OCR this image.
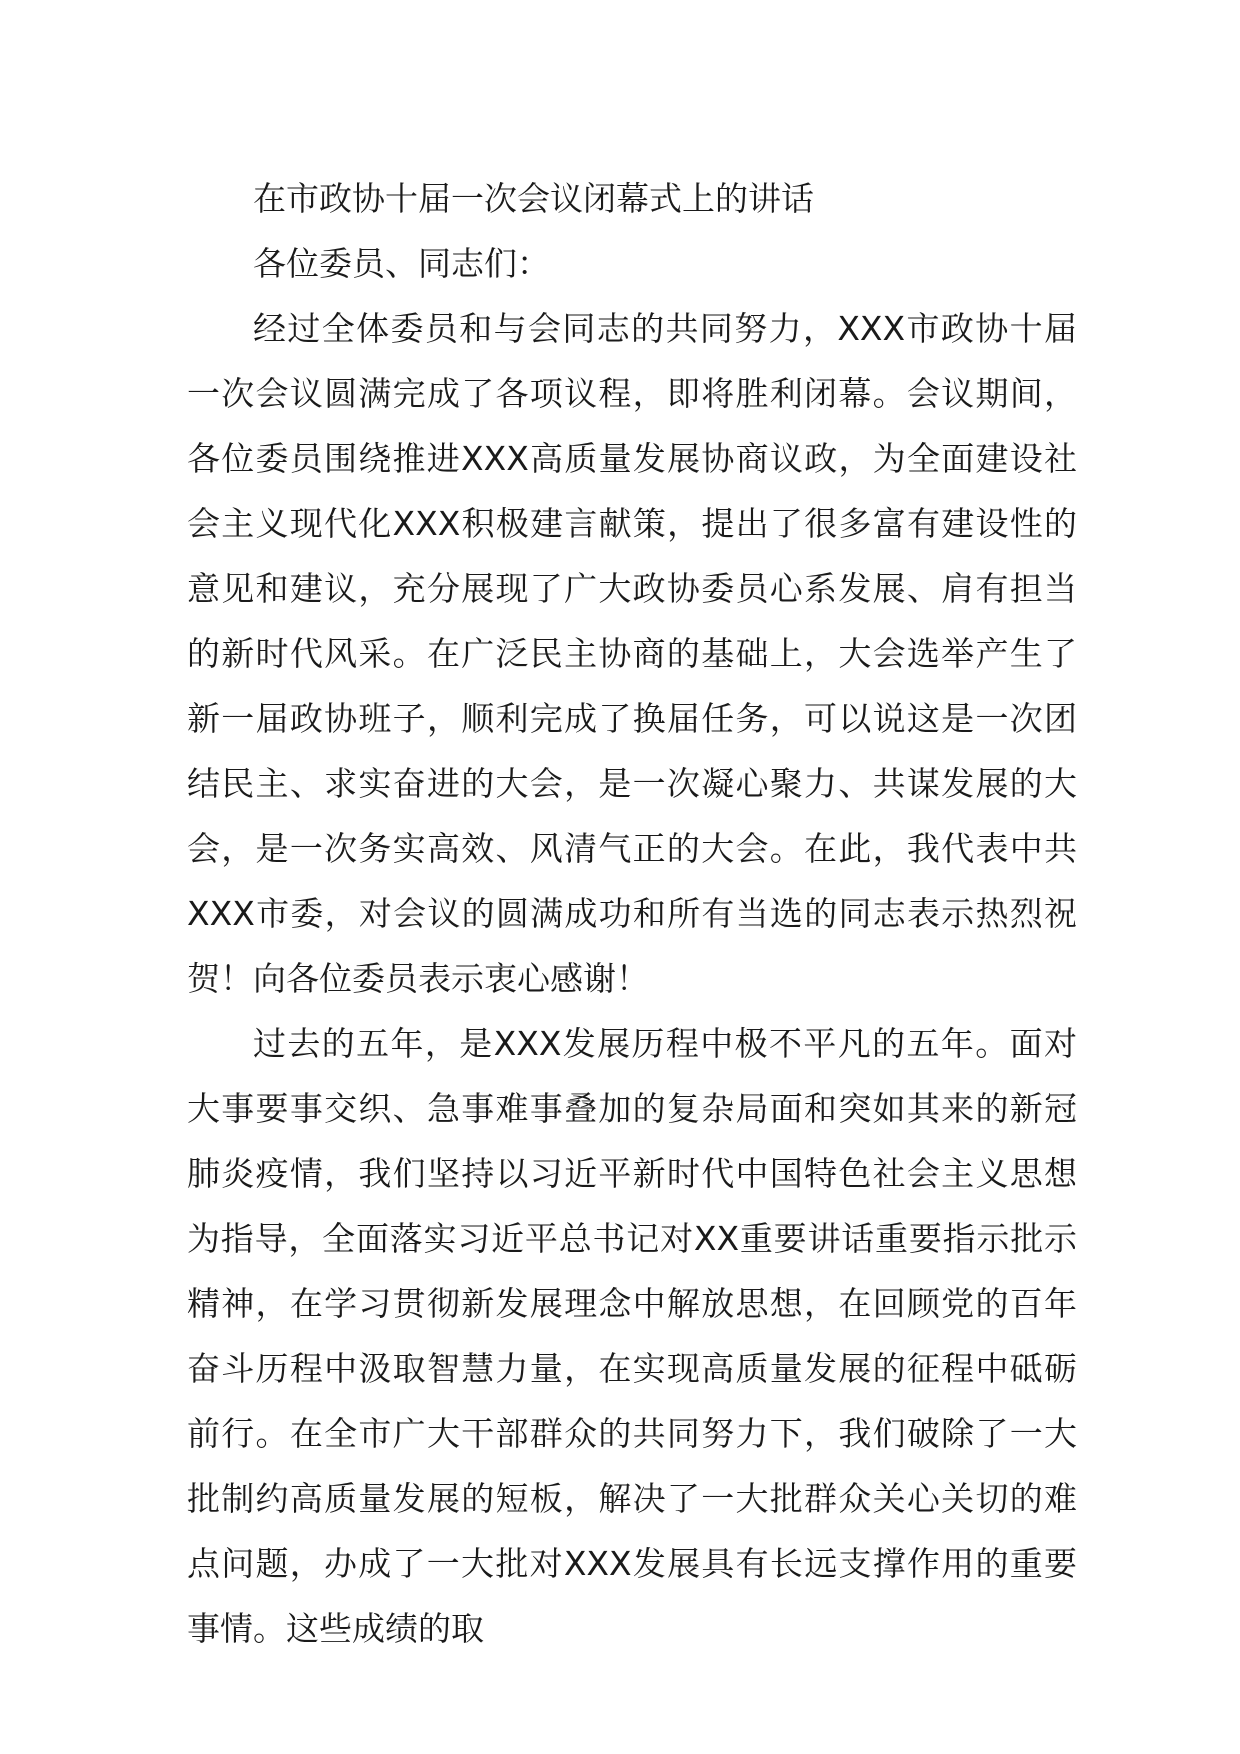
在市政协十届一次会议闭幕式上的讲话

各位委员、同志们：

经过全体委员和与会同志的共同努力，XXX市政协十届一次会议圆满完成了各项议程，即将胜利闭幕。会议期间，各位委员围绕推进XXX高质量发展协商议政，为全面建设社会主义现代化XXX积极建言献策，提出了很多富有建设性的意见和建议，充分展现了广大政协委员心系发展、肩有担当的新时代风采。在广泛民主协商的基础上，大会选举产生了新一届政协班子，顺利完成了换届任务，可以说这是一次团结民主、求实奋进的大会，是一次凝心聚力、共谋发展的大会，是一次务实高效、风清气正的大会。在此，我代表中共XXX市委，对会议的圆满成功和所有当选的同志表示热烈祝贺！向各位委员表示衷心感谢！

过去的五年，是XXX发展历程中极不平凡的五年。面对大事要事交织、急事难事叠加的复杂局面和突如其来的新冠肺炎疫情，我们坚持以习近平新时代中国特色社会主义思想为指导，全面落实习近平总书记对XX重要讲话重要指示批示精神，在学习贯彻新发展理念中解放思想，在回顾党的百年奋斗历程中汲取智慧力量，在实现高质量发展的征程中砥砺前行。在全市广大干部群众的共同努力下，我们破除了一大批制约高质量发展的短板，解决了一大批群众关心关切的难点问题，办成了一大批对XXX发展具有长远支撑作用的重要事情。这些成绩的取
